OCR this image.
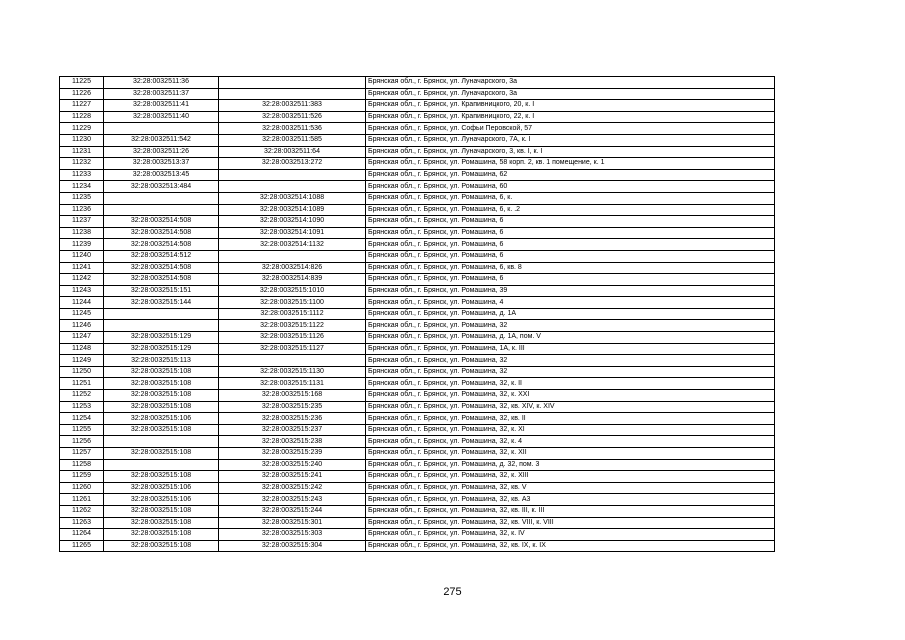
11225	32:28:0032511:36		Брянская обл., г. Брянск, ул. Луначарского, 3а
11226	32:28:0032511:37		Брянская обл., г. Брянск, ул. Луначарского, 3а
11227	32:28:0032511:41	32:28:0032511:383	Брянская обл., г. Брянск, ул. Крапивницкого, 20, к. I
11228	32:28:0032511:40	32:28:0032511:526	Брянская обл., г. Брянск, ул. Крапивницкого, 22, к. I
11229		32:28:0032511:536	Брянская обл., г. Брянск, ул. Софьи Перовской, 57
11230	32:28:0032511:542	32:28:0032511:585	Брянская обл., г. Брянск, ул. Луначарского, 7А, к. I
11231	32:28:0032511:26	32:28:0032511:64	Брянская обл., г. Брянск, ул. Луначарского, 3, кв. I, к. I
11232	32:28:0032513:37	32:28:0032513:272	Брянская обл., г. Брянск, ул. Ромашина, 58 корп. 2, кв. 1 помещение, к. 1
11233	32:28:0032513:45		Брянская обл., г. Брянск, ул. Ромашина, 62
11234	32:28:0032513:484		Брянская обл., г. Брянск, ул. Ромашина, 60
11235		32:28:0032514:1088	Брянская обл., г. Брянск, ул. Ромашина, 6, к.
11236		32:28:0032514:1089	Брянская обл., г. Брянск, ул. Ромашина, 6, к. .2
11237	32:28:0032514:508	32:28:0032514:1090	Брянская обл., г. Брянск, ул. Ромашина, 6
11238	32:28:0032514:508	32:28:0032514:1091	Брянская обл., г. Брянск, ул. Ромашина, 6
11239	32:28:0032514:508	32:28:0032514:1132	Брянская обл., г. Брянск, ул. Ромашина, 6
11240	32:28:0032514:512		Брянская обл., г. Брянск, ул. Ромашина, 6
11241	32:28:0032514:508	32:28:0032514:826	Брянская обл., г. Брянск, ул. Ромашина, 6, кв. 8
11242	32:28:0032514:508	32:28:0032514:839	Брянская обл., г. Брянск, ул. Ромашина, 6
11243	32:28:0032515:151	32:28:0032515:1010	Брянская обл., г. Брянск, ул. Ромашина, 39
11244	32:28:0032515:144	32:28:0032515:1100	Брянская обл., г. Брянск, ул. Ромашина, 4
11245		32:28:0032515:1112	Брянская обл., г. Брянск, ул. Ромашина, д. 1А
11246		32:28:0032515:1122	Брянская обл., г. Брянск, ул. Ромашина, 32
11247	32:28:0032515:129	32:28:0032515:1126	Брянская обл., г. Брянск, ул. Ромашина, д. 1А, пом. V
11248	32:28:0032515:129	32:28:0032515:1127	Брянская обл., г. Брянск, ул. Ромашина, 1А, к. III
11249	32:28:0032515:113		Брянская обл., г. Брянск, ул. Ромашина, 32
11250	32:28:0032515:108	32:28:0032515:1130	Брянская обл., г. Брянск, ул. Ромашина, 32
11251	32:28:0032515:108	32:28:0032515:1131	Брянская обл., г. Брянск, ул. Ромашина, 32, к. II
11252	32:28:0032515:108	32:28:0032515:168	Брянская обл., г. Брянск, ул. Ромашина, 32, к. XXI
11253	32:28:0032515:108	32:28:0032515:235	Брянская обл., г. Брянск, ул. Ромашина, 32, кв. XIV, к. XIV
11254	32:28:0032515:106	32:28:0032515:236	Брянская обл., г. Брянск, ул. Ромашина, 32, кв. II
11255	32:28:0032515:108	32:28:0032515:237	Брянская обл., г. Брянск, ул. Ромашина, 32, к. XI
11256		32:28:0032515:238	Брянская обл., г. Брянск, ул. Ромашина, 32, к. 4
11257	32:28:0032515:108	32:28:0032515:239	Брянская обл., г. Брянск, ул. Ромашина, 32, к. XII
11258		32:28:0032515:240	Брянская обл., г. Брянск, ул. Ромашина, д. 32, пом. 3
11259	32:28:0032515:108	32:28:0032515:241	Брянская обл., г. Брянск, ул. Ромашина, 32, к. XIII
11260	32:28:0032515:106	32:28:0032515:242	Брянская обл., г. Брянск, ул. Ромашина, 32, кв. V
11261	32:28:0032515:106	32:28:0032515:243	Брянская обл., г. Брянск, ул. Ромашина, 32, кв. А3
11262	32:28:0032515:108	32:28:0032515:244	Брянская обл., г. Брянск, ул. Ромашина, 32, кв. III, к. III
11263	32:28:0032515:108	32:28:0032515:301	Брянская обл., г. Брянск, ул. Ромашина, 32, кв. VIII, к. VIII
11264	32:28:0032515:108	32:28:0032515:303	Брянская обл., г. Брянск, ул. Ромашина, 32, к. IV
11265	32:28:0032515:108	32:28:0032515:304	Брянская обл., г. Брянск, ул. Ромашина, 32, кв. IX, к. IX
275
